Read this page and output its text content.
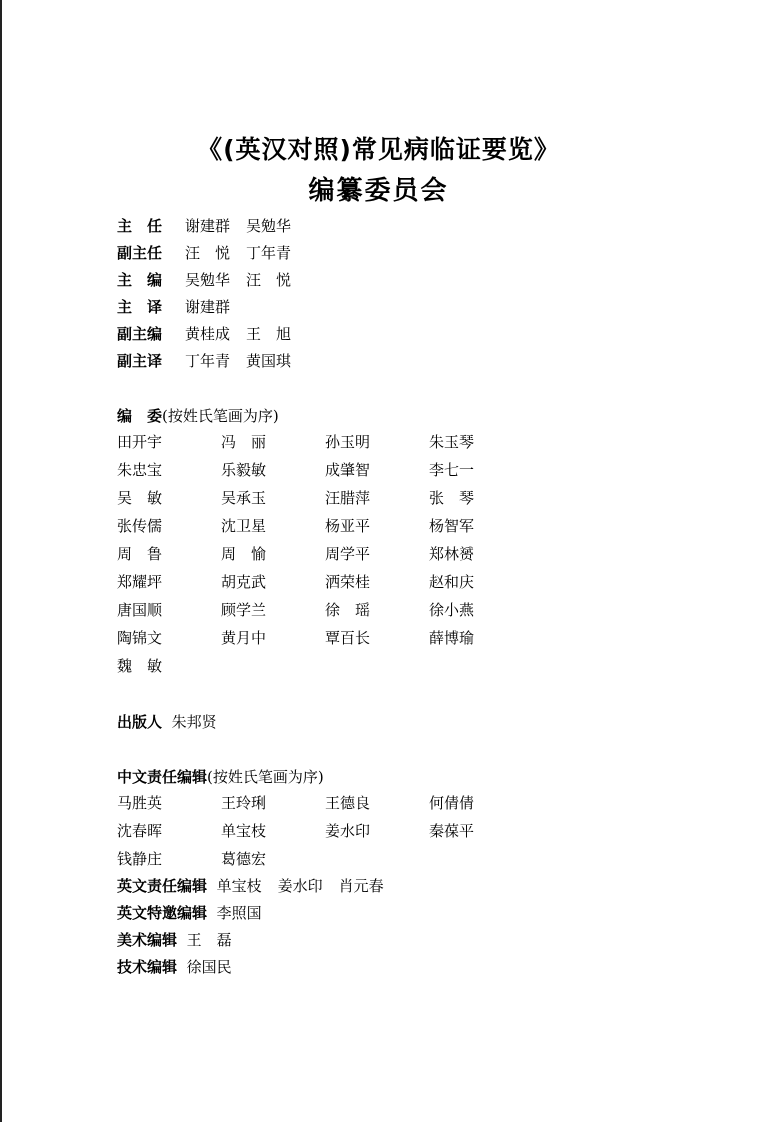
《(英汉对照)常见病临证要览》
编纂委员会
主　任 谢建群 吴勉华
副主任 汪　悦 丁年青
主　编 吴勉华 汪　悦
主　译 谢建群
副主编 黄桂成 王　旭
副主译 丁年青 黄国琪
编　委(按姓氏笔画为序)
田开宇	冯　丽	孙玉明	朱玉琴
朱忠宝	乐毅敏	成肇智	李七一
吴　敏	吴承玉	汪腊萍	张　琴
张传儒	沈卫星	杨亚平	杨智军
周　鲁	周　愉	周学平	郑林赟
郑耀坪	胡克武	洒荣桂	赵和庆
唐国顺	顾学兰	徐　瑶	徐小燕
陶锦文	黄月中	覃百长	薛博瑜
魏　敏
出版人 朱邦贤
中文责任编辑(按姓氏笔画为序)
马胜英	王玲琍	王德良	何倩倩
沈春晖	单宝枝	姜水印	秦葆平
钱静庄	葛德宏
英文责任编辑 单宝枝 姜水印 肖元春
英文特邀编辑 李照国
美术编辑 王　磊
技术编辑 徐国民
